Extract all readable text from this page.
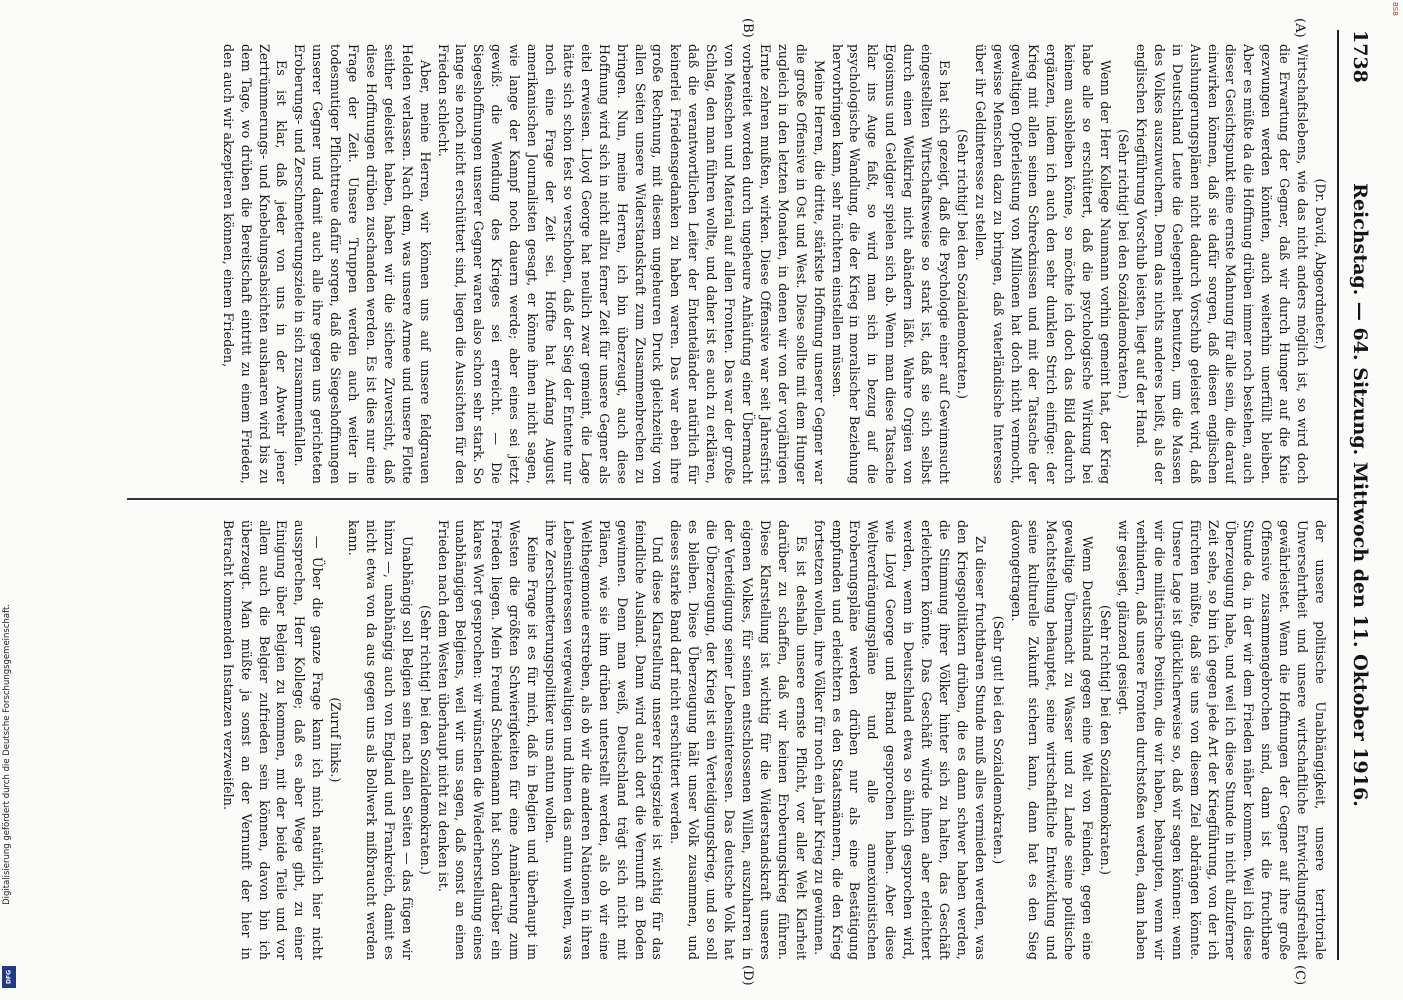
1738
Reichstag. — 64. Sitzung. Mittwoch den 11. Oktober 1916.
(A)
(B)
(C)
(D)

(Dr. David, Abgeordneter.)

Wirtschaftslebens, wie das nicht anders möglich ist, so wird doch die Erwartung der Gegner, daß wir durch Hunger auf die Knie gezwungen werden könnten, auch weiterhin unerfüllt bleiben. Aber es müßte da die Hoffnung drüben immer noch bestehen, auch dieser Gesichtspunkt eine ernste Mahnung für alle sein, die darauf einwirken können, daß sie dafür sorgen, daß diesen englischen Aushungerungsplänen nicht dadurch Vorschub geleistet wird, daß in Deutschland Leute die Gelegenheit benutzen, um die Massen des Volkes auszuwuchern. Denn das nichts anderes heißt, als der englischen Kriegführung Vorschub leisten, liegt auf der Hand.

(Sehr richtig! bei den Sozialdemokraten.)

Wenn der Herr Kollege Naumann vorhin gemeint hat, der Krieg habe alle so erschüttert, daß die psychologische Wirkung bei keinem ausbleiben könne, so möchte ich doch das Bild dadurch ergänzen, indem ich auch den sehr dunklen Strich einfüge: der Krieg mit allen seinen Schrecknissen und mit der Tatsache der gewaltigen Opferleistung von Millionen hat doch nicht vermocht, gewisse Menschen dazu zu bringen, daß vaterländische Interesse über ihr Geldinteresse zu stellen.

(Sehr richtig! bei den Sozialdemokraten.)

Es hat sich gezeigt, daß die Psychologie einer auf Gewinnsucht eingestellten Wirtschaftsweise so stark ist, daß sie sich selbst durch einen Weltkrieg nicht abändern läßt. Wahre Orgien von Egoismus und Geldgier spielen sich ab. Wenn man diese Tatsache klar ins Auge faßt, so wird man sich in bezug auf die psychologische Wandlung, die der Krieg in moralischer Beziehung hervorbringen kann, sehr nüchtern einstellen müssen.

Meine Herren, die dritte, stärkste Hoffnung unserer Gegner war die große Offensive in Ost und West. Diese sollte mit dem Hunger zugleich in den letzten Monaten, in denen wir von der vorjährigen Ernte zehren mußten, wirken. Diese Offensive war seit Jahresfrist vorbereitet worden durch ungeheure Anhäufung einer Übermacht von Menschen und Material auf allen Fronten. Das war der große Schlag, den man führen wollte, und daher ist es auch zu erklären, daß die verantwortlichen Leiter der Ententeländer natürlich für keinerlei Friedensgedanken zu haben waren. Das war eben ihre große Rechnung, mit diesem ungeheuren Druck gleichzeitig von allen Seiten unsere Widerstandskraft zum Zusammenbrechen zu bringen. Nun, meine Herren, ich bin überzeugt, auch diese Hoffnung wird sich in nicht allzu ferner Zeit für unsere Gegner als eitel erweisen. Lloyd George hat neulich zwar gemeint, die Lage hätte sich schon fest so verschoben, daß der Sieg der Entente nur noch eine Frage der Zeit sei. Hoffte hat Anfang August amerikanischen Journalisten gesagt, er könne ihnen nicht sagen, wie lange der Kampf noch dauern werde; aber eines sei jetzt gewiß: die Wendung des Krieges sei erreicht. — Die Siegeshoffnungen unserer Gegner waren also schon sehr stark. So lange sie noch nicht erschüttert sind, liegen die Aussichten für den Frieden schlecht.

Aber, meine Herren, wir können uns auf unsere feldgrauen Helden verlassen. Nach dem, was unsere Armee und unsere Flotte seither geleistet haben, haben wir die sichere Zuversicht, daß diese Hoffnungen drüben zuschanden werden. Es ist dies nur eine Frage der Zeit. Unsere Truppen werden auch weiter in todesmutiger Pflichttreue dafür sorgen, daß die Siegeshoffnungen unserer Gegner und damit auch alle ihre gegen uns gerichteten Eroberungs- und Zerschmetterungsziele in sich zusammenfallen.

Es ist klar, daß jeder von uns in der Abwehr jener Zertrümmerungs- und Knebelungsabsichten aushaaren wird bis zu dem Tage, wo drüben die Bereitschaft eintritt zu einem Frieden, den auch wir akzeptieren können, einem Frieden,

der unsere politische Unabhängigkeit, unsere territoriale Unversehrtheit und unsere wirtschaftliche Entwicklungsfreiheit gewährleistet. Wenn die Hoffnungen der Gegner auf ihre große Offensive zusammengebrochen sind, dann ist die fruchtbare Stunde da, in der wir dem Frieden näher kommen. Weil ich diese Überzeugung habe, und weil ich diese Stunde in nicht allzuferner Zeit sehe, so bin ich gegen jede Art der Kriegführung, von der ich fürchten müßte, daß sie uns von diesem Ziel abdrängen könnte. Unsere Lage ist glücklicherweise so, daß wir sagen können: wenn wir die militärische Position, die wir haben, behaupten, wenn wir verhindern, daß unsere Fronten durchstoßen werden, dann haben wir gesiegt, glänzend gesiegt.

(Sehr richtig! bei den Sozialdemokraten.)

Wenn Deutschland gegen eine Welt von Feinden, gegen eine gewaltige Übermacht zu Wasser und zu Lande seine politische Machtstellung behauptet, seine wirtschaftliche Entwicklung und seine kulturelle Zukunft sichern kann, dann hat es den Sieg davongetragen.

(Sehr gut! bei den Sozialdemokraten.)

Zu dieser fruchtbaren Stunde muß alles vermieden werden, was den Kriegspolitikern drüben, die es dann schwer haben werden, die Stimmung ihrer Völker hinter sich zu halten, das Geschäft erleichtern könnte. Das Geschäft würde ihnen aber erleichtert werden, wenn in Deutschland etwa so ähnlich gesprochen wird, wie Lloyd George und Briand gesprochen haben. Aber diese Weltverdrängungspläne und alle annexionistischen Eroberungspläne werden drüben nur als eine Bestätigung empfunden und erleichtern es den Staatsmännern, die den Krieg fortsetzen wollen, ihre Völker für noch ein Jahr Krieg zu gewinnen.

Es ist deshalb unsere ernste Pflicht, vor aller Welt Klarheit darüber zu schaffen, daß wir keinen Eroberungskrieg führen. Diese Klarstellung ist wichtig für die Widerstandskraft unseres eigenen Volkes, für seinen entschlossenen Willen, auszuharren in der Verteidigung seiner Lebensinteressen. Das deutsche Volk hat die Überzeugung, der Krieg ist ein Verteidigungskrieg, und so soll es bleiben. Diese Überzeugung hält unser Volk zusammen, und dieses starke Band darf nicht erschüttert werden.

Und diese Klarstellung unserer Kriegsziele ist wichtig für das feindliche Ausland. Dann wird auch dort die Vernunft an Boden gewinnen. Denn man weiß, Deutschland trägt sich nicht mit Plänen, wie sie ihm drüben unterstellt werden, als ob wir eine Welthegemonie erstreben, als ob wir die anderen Nationen in ihren Lebensinteressen vergewaltigen und ihnen das antun wollten, was ihre Zerschmetterungspolitiker uns antun wollen.

Keine Frage ist es für mich, daß in Belgien und überhaupt im Westen die größten Schwierigkeiten für eine Annäherung zum Frieden liegen. Mein Freund Scheidemann hat schon darüber ein klares Wort gesprochen: wir wünschen die Wiederherstellung eines unabhängigen Belgiens, weil wir uns sagen, daß sonst an einen Frieden nach dem Westen überhaupt nicht zu denken ist.

(Sehr richtig! bei den Sozialdemokraten.)

Unabhängig soll Belgien sein nach allen Seiten — das fügen wir hinzu —, unabhängig auch von England und Frankreich, damit es nicht etwa von da aus gegen uns als Bollwerk mißbraucht werden kann.

(Zuruf links.)

— Über die ganze Frage kann ich mich natürlich hier nicht aussprechen, Herr Kollege; daß es aber Wege gibt, zu einer Einigung über Belgien zu kommen, mit der beide Teile und vor allem auch die Belgier zufrieden sein können, davon bin ich überzeugt. Man müßte ja sonst an der Vernunft der hier in Betracht kommenden Instanzen verzweifeln.

BSB
Digitalisierung gefördert durch die Deutsche Forschungsgemeinschaft.
DFG
